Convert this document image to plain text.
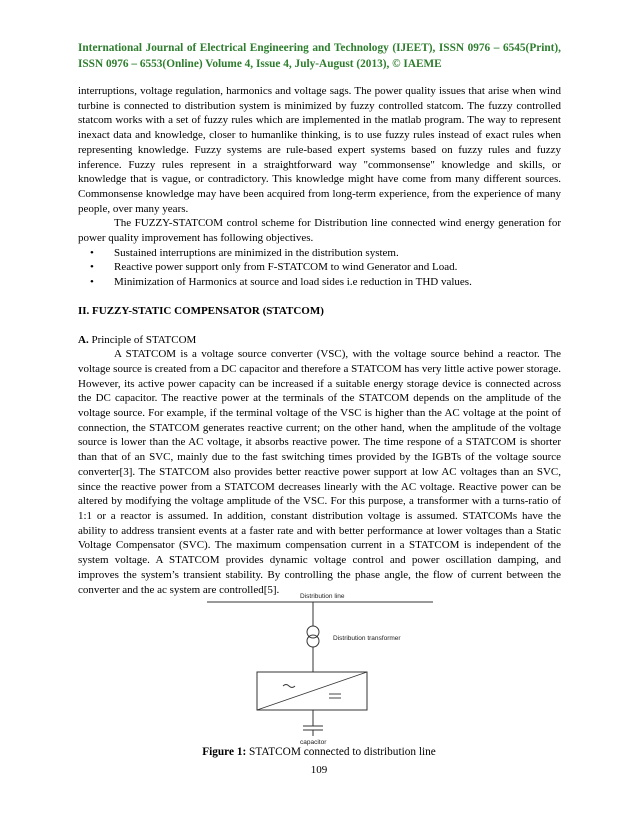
International Journal of Electrical Engineering and Technology (IJEET), ISSN 0976 – 6545(Print), ISSN 0976 – 6553(Online) Volume 4, Issue 4, July-August (2013), © IAEME

interruptions, voltage regulation, harmonics and voltage sags. The power quality issues that arise when wind turbine is connected to distribution system is minimized by fuzzy controlled statcom. The fuzzy controlled statcom works with a set of fuzzy rules which are implemented in the matlab program. The way to represent inexact data and knowledge, closer to humanlike thinking, is to use fuzzy rules instead of exact rules when representing knowledge. Fuzzy systems are rule-based expert systems based on fuzzy rules and fuzzy inference. Fuzzy rules represent in a straightforward way "commonsense" knowledge and skills, or knowledge that is vague, or contradictory. This knowledge might have come from many different sources. Commonsense knowledge may have been acquired from long-term experience, from the experience of many people, over many years.

The FUZZY-STATCOM control scheme for Distribution line connected wind energy generation for power quality improvement has following objectives.

• Sustained interruptions are minimized in the distribution system.
• Reactive power support only from F-STATCOM to wind Generator and Load.
• Minimization of Harmonics at source and load sides i.e reduction in THD values.

II. FUZZY-STATIC COMPENSATOR (STATCOM)

A. Principle of STATCOM

A STATCOM is a voltage source converter (VSC), with the voltage source behind a reactor. The voltage source is created from a DC capacitor and therefore a STATCOM has very little active power storage. However, its active power capacity can be increased if a suitable energy storage device is connected across the DC capacitor. The reactive power at the terminals of the STATCOM depends on the amplitude of the voltage source. For example, if the terminal voltage of the VSC is higher than the AC voltage at the point of connection, the STATCOM generates reactive current; on the other hand, when the amplitude of the voltage source is lower than the AC voltage, it absorbs reactive power. The time respone of a STATCOM is shorter than that of an SVC, mainly due to the fast switching times provided by the IGBTs of the voltage source converter[3]. The STATCOM also provides better reactive power support at low AC voltages than an SVC, since the reactive power from a STATCOM decreases linearly with the AC voltage. Reactive power can be altered by modifying the voltage amplitude of the VSC. For this purpose, a transformer with a turns-ratio of 1:1 or a reactor is assumed. In addition, constant distribution voltage is assumed. STATCOMs have the ability to address transient events at a faster rate and with better performance at lower voltages than a Static Voltage Compensator (SVC). The maximum compensation current in a STATCOM is independent of the system voltage. A STATCOM provides dynamic voltage control and power oscillation damping, and improves the system’s transient stability. By controlling the phase angle, the flow of current between the converter and the ac system are controlled[5].

Distribution line
Distribution transformer
capacitor
Figure 1: STATCOM connected to distribution line
109
